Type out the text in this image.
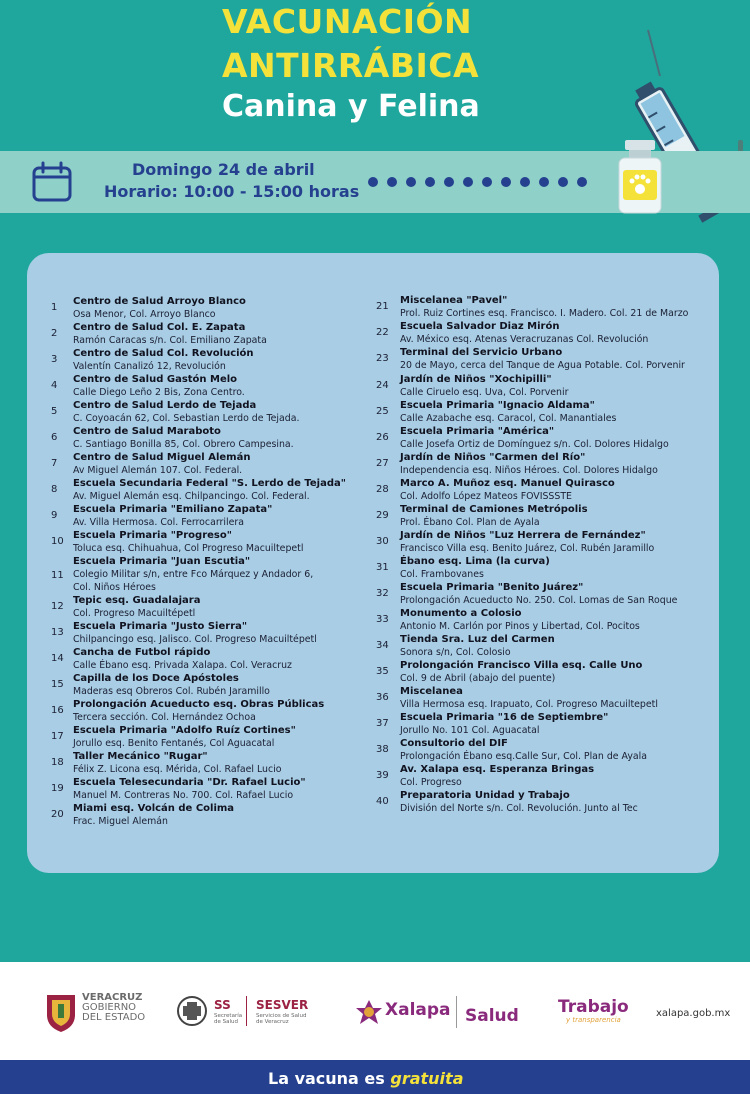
VACUNACIÓN
ANTIRRÁBICA
Canina y Felina
Domingo 24 de abril
Horario: 10:00 - 15:00 horas
1
Centro de Salud Arroyo Blanco
Osa Menor, Col. Arroyo Blanco
2
Centro de Salud Col. E. Zapata
Ramón Caracas s/n. Col. Emiliano Zapata
3
Centro de Salud Col. Revolución
Valentín Canalizó 12, Revolución
4
Centro de Salud Gastón Melo
Calle Diego Leño 2 Bis, Zona Centro.
5
Centro de Salud Lerdo de Tejada
C. Coyoacán 62, Col. Sebastian Lerdo de Tejada.
6
Centro de Salud Maraboto
C. Santiago Bonilla 85, Col. Obrero Campesina.
7
Centro de Salud Miguel Alemán
Av Miguel Alemán 107. Col. Federal.
8
Escuela Secundaria Federal "S. Lerdo de Tejada"
Av. Miguel Alemán esq. Chilpancingo. Col. Federal.
9
Escuela Primaria "Emiliano Zapata"
Av. Villa Hermosa. Col. Ferrocarrilera
10
Escuela Primaria "Progreso"
Toluca esq. Chihuahua, Col Progreso Macuiltepetl
11
Escuela Primaria "Juan Escutia"
Colegio Militar s/n, entre Fco Márquez y Andador 6,
Col. Niños Héroes
12
Tepic esq. Guadalajara
Col. Progreso Macuiltépetl
13
Escuela Primaria "Justo Sierra"
Chilpancingo esq. Jalisco. Col. Progreso Macuiltépetl
14
Cancha de Futbol rápido
Calle Ébano esq. Privada Xalapa. Col. Veracruz
15
Capilla de los Doce Apóstoles
Maderas esq Obreros Col. Rubén Jaramillo
16
Prolongación Acueducto esq. Obras Públicas
Tercera sección. Col. Hernández Ochoa
17
Escuela Primaria "Adolfo Ruíz Cortines"
Jorullo esq. Benito Fentanés, Col Aguacatal
18
Taller Mecánico "Rugar"
Félix Z. Licona esq. Mérida, Col. Rafael Lucio
19
Escuela Telesecundaria "Dr. Rafael Lucio"
Manuel M. Contreras No. 700. Col. Rafael Lucio
20
Miami esq. Volcán de Colima
Frac. Miguel Alemán
21
Miscelanea "Pavel"
Prol. Ruiz Cortines esq. Francisco. I. Madero. Col. 21 de Marzo
22
Escuela Salvador Diaz Mirón
Av. México esq. Atenas Veracruzanas Col. Revolución
23
Terminal del Servicio Urbano
20 de Mayo, cerca del Tanque de Agua Potable. Col. Porvenir
24
Jardín de Niños "Xochipilli"
Calle Ciruelo esq. Uva, Col. Porvenir
25
Escuela Primaria "Ignacio Aldama"
Calle Azabache esq. Caracol, Col. Manantiales
26
Escuela Primaria "América"
Calle Josefa Ortiz de Domínguez s/n. Col. Dolores Hidalgo
27
Jardín de Niños "Carmen del Río"
Independencia esq. Niños Héroes. Col. Dolores Hidalgo
28
Marco A. Muñoz esq. Manuel Quirasco
Col. Adolfo López Mateos FOVISSSTE
29
Terminal de Camiones Metrópolis
Prol. Ébano Col. Plan de Ayala
30
Jardín de Niños "Luz Herrera de Fernández"
Francisco Villa esq. Benito Juárez, Col. Rubén Jaramillo
31
Ébano esq. Lima (la curva)
Col. Frambovanes
32
Escuela Primaria "Benito Juárez"
Prolongación Acueducto No. 250. Col. Lomas de San Roque
33
Monumento a Colosio
Antonio M. Carlón por Pinos y Libertad, Col. Pocitos
34
Tienda Sra. Luz del Carmen
Sonora s/n, Col. Colosio
35
Prolongación Francisco Villa esq. Calle Uno
Col. 9 de Abril (abajo del puente)
36
Miscelanea
Villa Hermosa esq. Irapuato, Col. Progreso Macuiltepetl
37
Escuela Primaria "16 de Septiembre"
Jorullo No. 101 Col. Aguacatal
38
Consultorio del DIF
Prolongación Ébano esq.Calle Sur, Col. Plan de Ayala
39
Av. Xalapa esq. Esperanza Bringas
Col. Progreso
40
Preparatoria Unidad y Trabajo
División del Norte s/n. Col. Revolución. Junto al Tec
VERACRUZ
GOBIERNO
DEL ESTADO
SS
Secretaría
de Salud
SESVER
Servicios de Salud
de Veracruz
Xalapa Salud Trabajo
y transparencia
xalapa.gob.mx
La vacuna es gratuita
